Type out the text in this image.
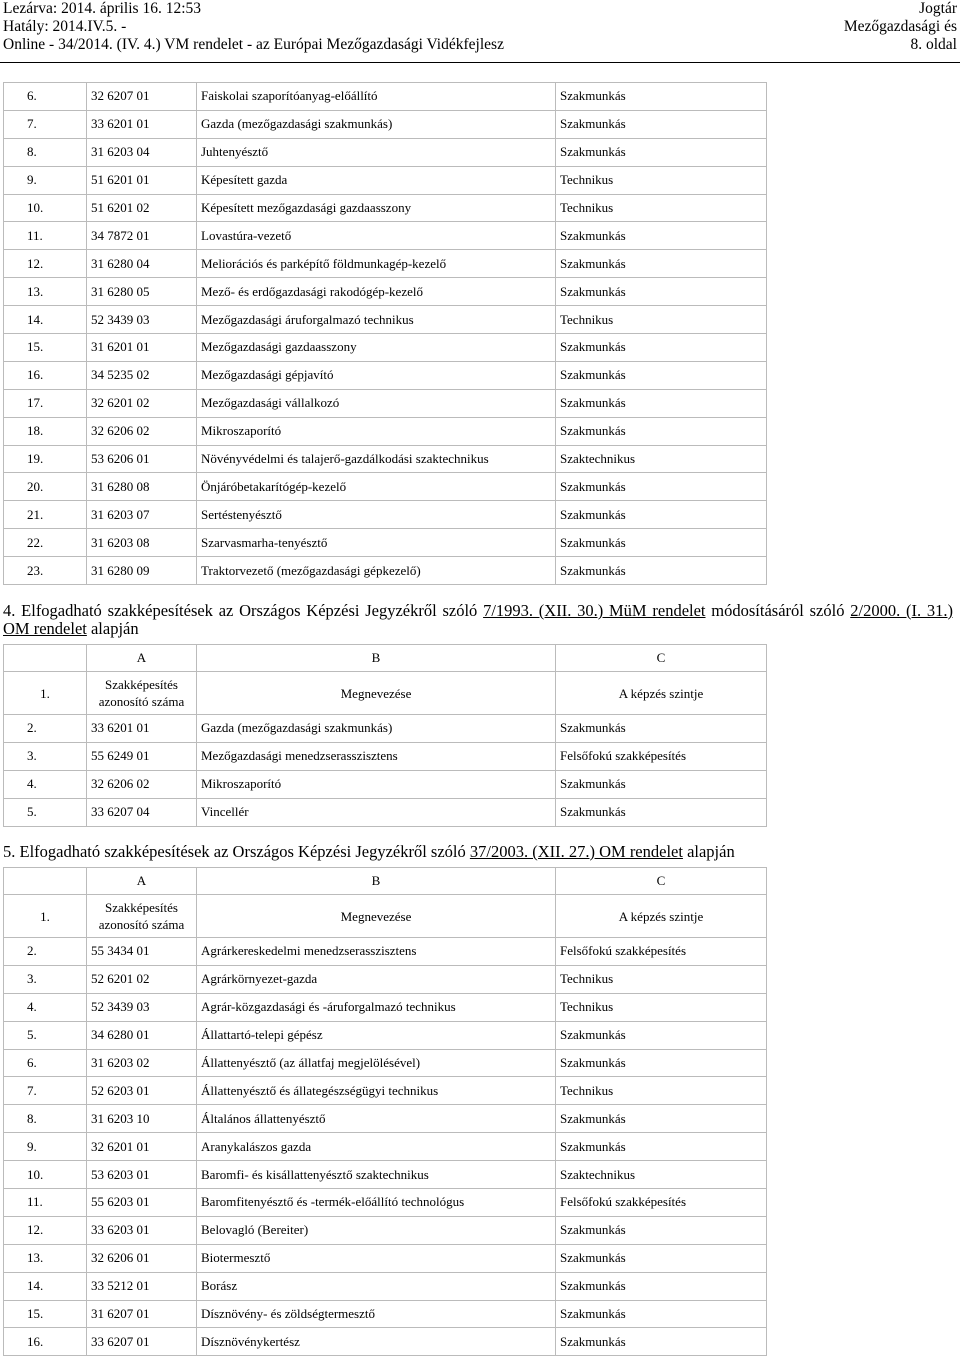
Lezárva: 2014. április 16. 12:53
Hatály: 2014.IV.5. -
Online - 34/2014. (IV. 4.) VM rendelet - az Európai Mezőgazdasági Vidékfejlesz
Jogtár
Mezőgazdasági és
8. oldal
6.	32 6207 01	Faiskolai szaporítóanyag-előállító	Szakmunkás
7.	33 6201 01	Gazda (mezőgazdasági szakmunkás)	Szakmunkás
8.	31 6203 04	Juhtenyésztő	Szakmunkás
9.	51 6201 01	Képesített gazda	Technikus
10.	51 6201 02	Képesített mezőgazdasági gazdaasszony	Technikus
11.	34 7872 01	Lovastúra-vezető	Szakmunkás
12.	31 6280 04	Meliorációs és parképítő földmunkagép-kezelő	Szakmunkás
13.	31 6280 05	Mező- és erdőgazdasági rakodógép-kezelő	Szakmunkás
14.	52 3439 03	Mezőgazdasági áruforgalmazó technikus	Technikus
15.	31 6201 01	Mezőgazdasági gazdaasszony	Szakmunkás
16.	34 5235 02	Mezőgazdasági gépjavító	Szakmunkás
17.	32 6201 02	Mezőgazdasági vállalkozó	Szakmunkás
18.	32 6206 02	Mikroszaporító	Szakmunkás
19.	53 6206 01	Növényvédelmi és talajerő-gazdálkodási szaktechnikus	Szaktechnikus
20.	31 6280 08	Önjáróbetakarítógép-kezelő	Szakmunkás
21.	31 6203 07	Sertéstenyésztő	Szakmunkás
22.	31 6203 08	Szarvasmarha-tenyésztő	Szakmunkás
23.	31 6280 09	Traktorvezető (mezőgazdasági gépkezelő)	Szakmunkás
4. Elfogadható szakképesítések az Országos Képzési Jegyzékről szóló 7/1993. (XII. 30.) MüM rendelet módosításáról szóló 2/2000. (I. 31.) OM rendelet alapján
	A	B	C
1.	Szakképesítés
azonosító száma	Megnevezése	A képzés szintje
2.	33 6201 01	Gazda (mezőgazdasági szakmunkás)	Szakmunkás
3.	55 6249 01	Mezőgazdasági menedzserasszisztens	Felsőfokú szakképesítés
4.	32 6206 02	Mikroszaporító	Szakmunkás
5.	33 6207 04	Vincellér	Szakmunkás
5. Elfogadható szakképesítések az Országos Képzési Jegyzékről szóló 37/2003. (XII. 27.) OM rendelet alapján
	A	B	C
1.	Szakképesítés
azonosító száma	Megnevezése	A képzés szintje
2.	55 3434 01	Agrárkereskedelmi menedzserasszisztens	Felsőfokú szakképesítés
3.	52 6201 02	Agrárkörnyezet-gazda	Technikus
4.	52 3439 03	Agrár-közgazdasági és -áruforgalmazó technikus	Technikus
5.	34 6280 01	Állattartó-telepi gépész	Szakmunkás
6.	31 6203 02	Állattenyésztő (az állatfaj megjelölésével)	Szakmunkás
7.	52 6203 01	Állattenyésztő és állategészségügyi technikus	Technikus
8.	31 6203 10	Általános állattenyésztő	Szakmunkás
9.	32 6201 01	Aranykalászos gazda	Szakmunkás
10.	53 6203 01	Baromfi- és kisállattenyésztő szaktechnikus	Szaktechnikus
11.	55 6203 01	Baromfitenyésztő és -termék-előállító technológus	Felsőfokú szakképesítés
12.	33 6203 01	Belovagló (Bereiter)	Szakmunkás
13.	32 6206 01	Biotermesztő	Szakmunkás
14.	33 5212 01	Borász	Szakmunkás
15.	31 6207 01	Dísznövény- és zöldségtermesztő	Szakmunkás
16.	33 6207 01	Dísznövénykertész	Szakmunkás
